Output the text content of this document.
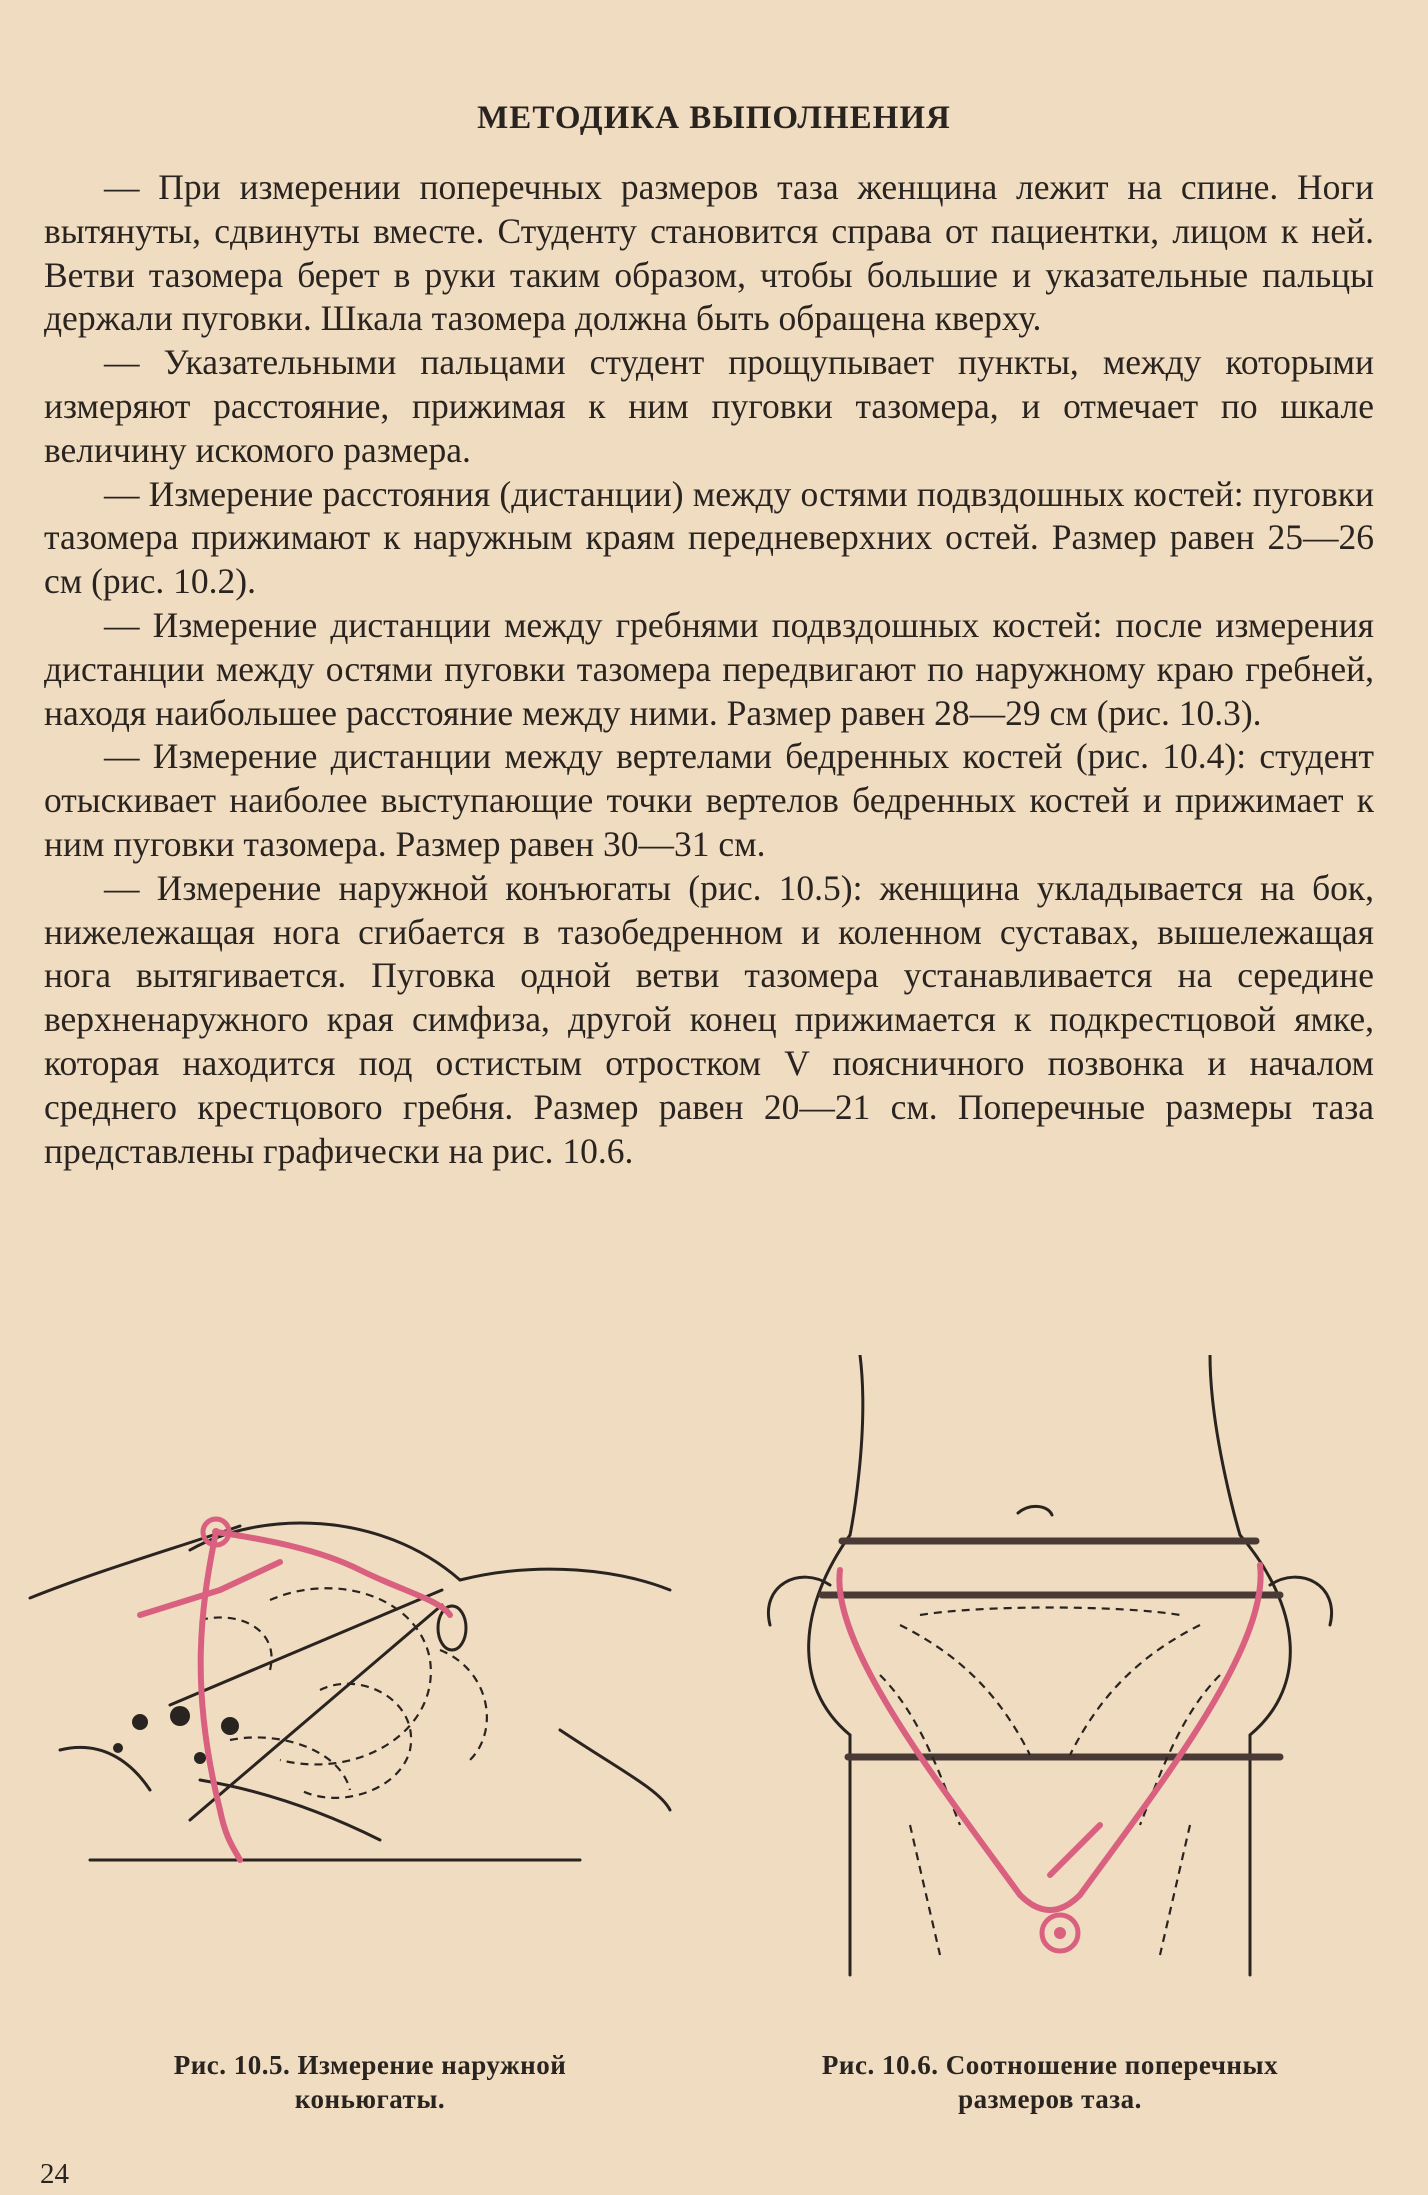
МЕТОДИКА ВЫПОЛНЕНИЯ

— При измерении поперечных размеров таза женщина лежит на спине. Ноги вытянуты, сдвинуты вместе. Студенту становится справа от пациентки, лицом к ней. Ветви тазомера берет в руки таким образом, чтобы большие и указательные пальцы держали пуговки. Шкала тазомера должна быть обращена кверху.

— Указательными пальцами студент прощупывает пункты, между которыми измеряют расстояние, прижимая к ним пуговки тазомера, и отмечает по шкале величину искомого размера.

— Измерение расстояния (дистанции) между остями подвздошных костей: пуговки тазомера прижимают к наружным краям передневерхних остей. Размер равен 25—26 см (рис. 10.2).

— Измерение дистанции между гребнями подвздошных костей: после измерения дистанции между остями пуговки тазомера передвигают по наружному краю гребней, находя наибольшее расстояние между ними. Размер равен 28—29 см (рис. 10.3).

— Измерение дистанции между вертелами бедренных костей (рис. 10.4): студент отыскивает наиболее выступающие точки вертелов бедренных костей и прижимает к ним пуговки тазомера. Размер равен 30—31 см.

— Измерение наружной конъюгаты (рис. 10.5): женщина укладывается на бок, нижележащая нога сгибается в тазобедренном и коленном суставах, вышележащая нога вытягивается. Пуговка одной ветви тазомера устанавливается на середине верхненаружного края симфиза, другой конец прижимается к подкрестцовой ямке, которая находится под остистым отростком V поясничного позвонка и началом среднего крестцового гребня. Размер равен 20—21 см. Поперечные размеры таза представлены графически на рис. 10.6.

Рис. 10.5. Измерение наружной
коньюгаты.
Рис. 10.6. Соотношение поперечных
размеров таза.
24
